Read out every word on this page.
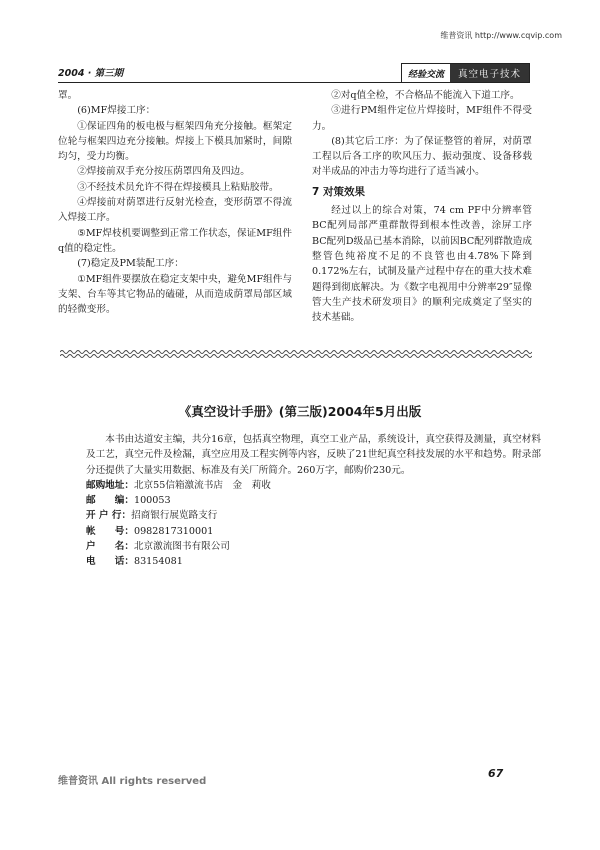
维普资讯 http://www.cqvip.com
2004 · 第三期	经验交流	真空电子技术

罩。

(6)MF焊接工序：

①保证四角的板电极与框架四角充分接触。框架定位轮与框架四边充分接触。焊接上下模具加紧时，间隙均匀，受力均衡。

②焊接前双手充分按压荫罩四角及四边。

③不经技术员允许不得在焊接模具上粘贴胶带。

④焊接前对荫罩进行反射光检查，变形荫罩不得流入焊接工序。

⑤MF焊枝机要调整到正常工作状态，保证MF组件q值的稳定性。

(7)稳定及PM装配工序：

①MF组件要摆放在稳定支架中央，避免MF组件与支架、台车等其它物品的磕碰，从而造成荫罩局部区域的轻微变形。

②对q值全检，不合格品不能流入下道工序。

③进行PM组件定位片焊接时，MF组件不得受力。

(8)其它后工序：为了保证整管的着屏，对荫罩工程以后各工序的吹风压力、振动强度、设备移载对半成品的冲击力等均进行了适当减小。

7 对策效果

经过以上的综合对策，74 cm PF中分辨率管BC配列局部严重群散得到根本性改善，涂屏工序BC配列D级品已基本消除，以前因BC配列群散造成整管色纯裕度不足的不良管也由4.78%下降到0.172%左右，试制及量产过程中存在的重大技术难题得到彻底解决。为《数字电视用中分辨率29″显像管大生产技术研发项目》的顺利完成奠定了坚实的技术基础。

《真空设计手册》(第三版)2004年5月出版

本书由达道安主编，共分16章，包括真空物理，真空工业产品，系统设计，真空获得及测量，真空材料及工艺，真空元件及检漏，真空应用及工程实例等内容，反映了21世纪真空科技发展的水平和趋势。附录部分还提供了大量实用数据、标准及有关厂所简介。260万字，邮购价230元。

邮购地址： 北京55信箱激流书店　金　莉收
邮　　编： 100053
开 户 行： 招商银行展览路支行
帐　　号： 0982817310001
户　　名： 北京激流图书有限公司
电　　话： 83154081
维普资讯 All rights reserved
67
